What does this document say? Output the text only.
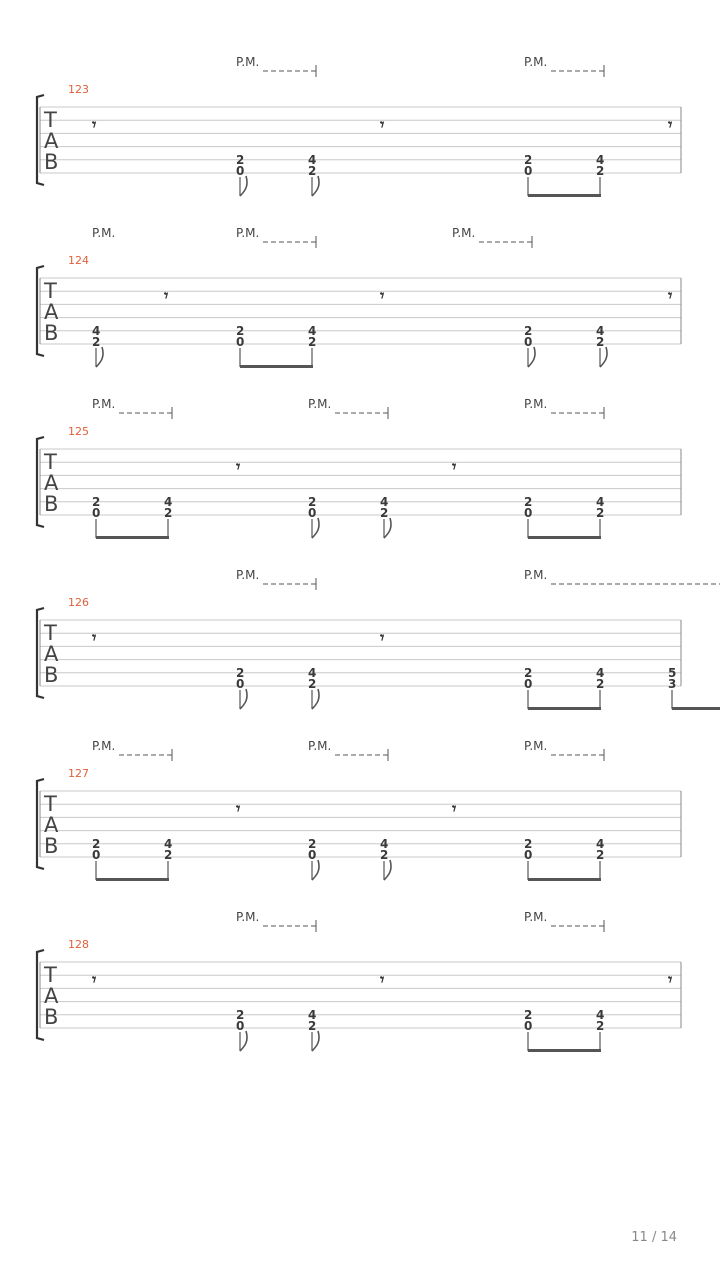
123
T
A
B
P.M.	P.M.
𝄾
2
0
4
2
𝄾
2
0
4
2
𝄾
124
T
A
B
P.M.	P.M.	P.M.
4
2
𝄾
2
0
4
2
𝄾
2
0
4
2
𝄾
125
T
A
B
P.M.	P.M.	P.M.
2
0
4
2
𝄾
2
0
4
2
𝄾
2
0
4
2
126
T
A
B
P.M.	P.M.
𝄾
2
0
4
2
𝄾
2
0
4
2
5
3
127
T
A
B
P.M.	P.M.	P.M.
2
0
4
2
𝄾
2
0
4
2
𝄾
2
0
4
2
128
T
A
B
P.M.	P.M.
𝄾
2
0
4
2
𝄾
2
0
4
2
𝄾
11 / 14
